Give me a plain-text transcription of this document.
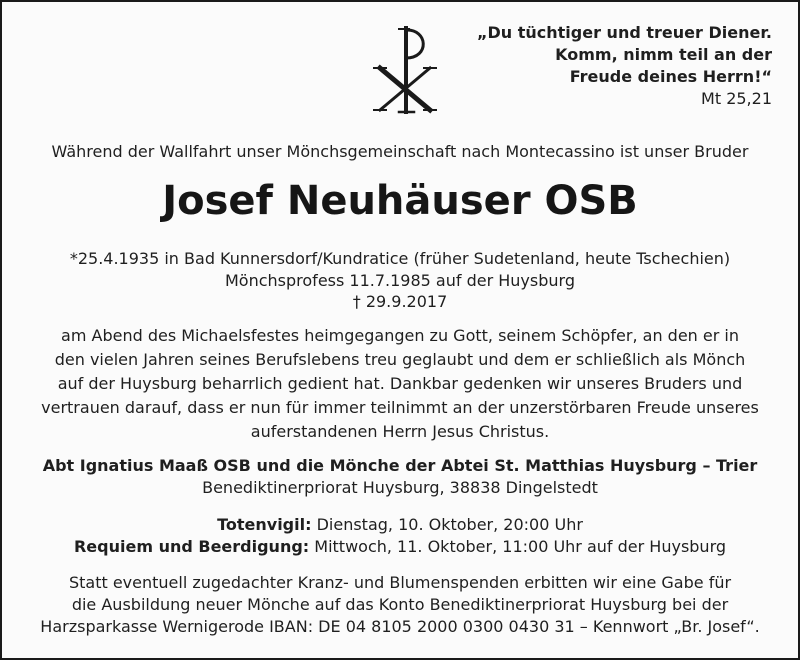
„Du tüchtiger und treuer Diener.
Komm, nimm teil an der
Freude deines Herrn!“
Mt 25,21
Während der Wallfahrt unser Mönchsgemeinschaft nach Montecassino ist unser Bruder
Josef Neuhäuser OSB
*25.4.1935 in Bad Kunnersdorf/Kundratice (früher Sudetenland, heute Tschechien)
Mönchsprofess 11.7.1985 auf der Huysburg
† 29.9.2017
am Abend des Michaelsfestes heimgegangen zu Gott, seinem Schöpfer, an den er in
den vielen Jahren seines Berufslebens treu geglaubt und dem er schließlich als Mönch
auf der Huysburg beharrlich gedient hat. Dankbar gedenken wir unseres Bruders und
vertrauen darauf, dass er nun für immer teilnimmt an der unzerstörbaren Freude unseres
auferstandenen Herrn Jesus Christus.
Abt Ignatius Maaß OSB und die Mönche der Abtei St. Matthias Huysburg – Trier
Benediktinerpriorat Huysburg, 38838 Dingelstedt
Totenvigil: Dienstag, 10. Oktober, 20:00 Uhr
Requiem und Beerdigung: Mittwoch, 11. Oktober, 11:00 Uhr auf der Huysburg
Statt eventuell zugedachter Kranz- und Blumenspenden erbitten wir eine Gabe für
die Ausbildung neuer Mönche auf das Konto Benediktinerpriorat Huysburg bei der
Harzsparkasse Wernigerode IBAN: DE 04 8105 2000 0300 0430 31 – Kennwort „Br. Josef“.
